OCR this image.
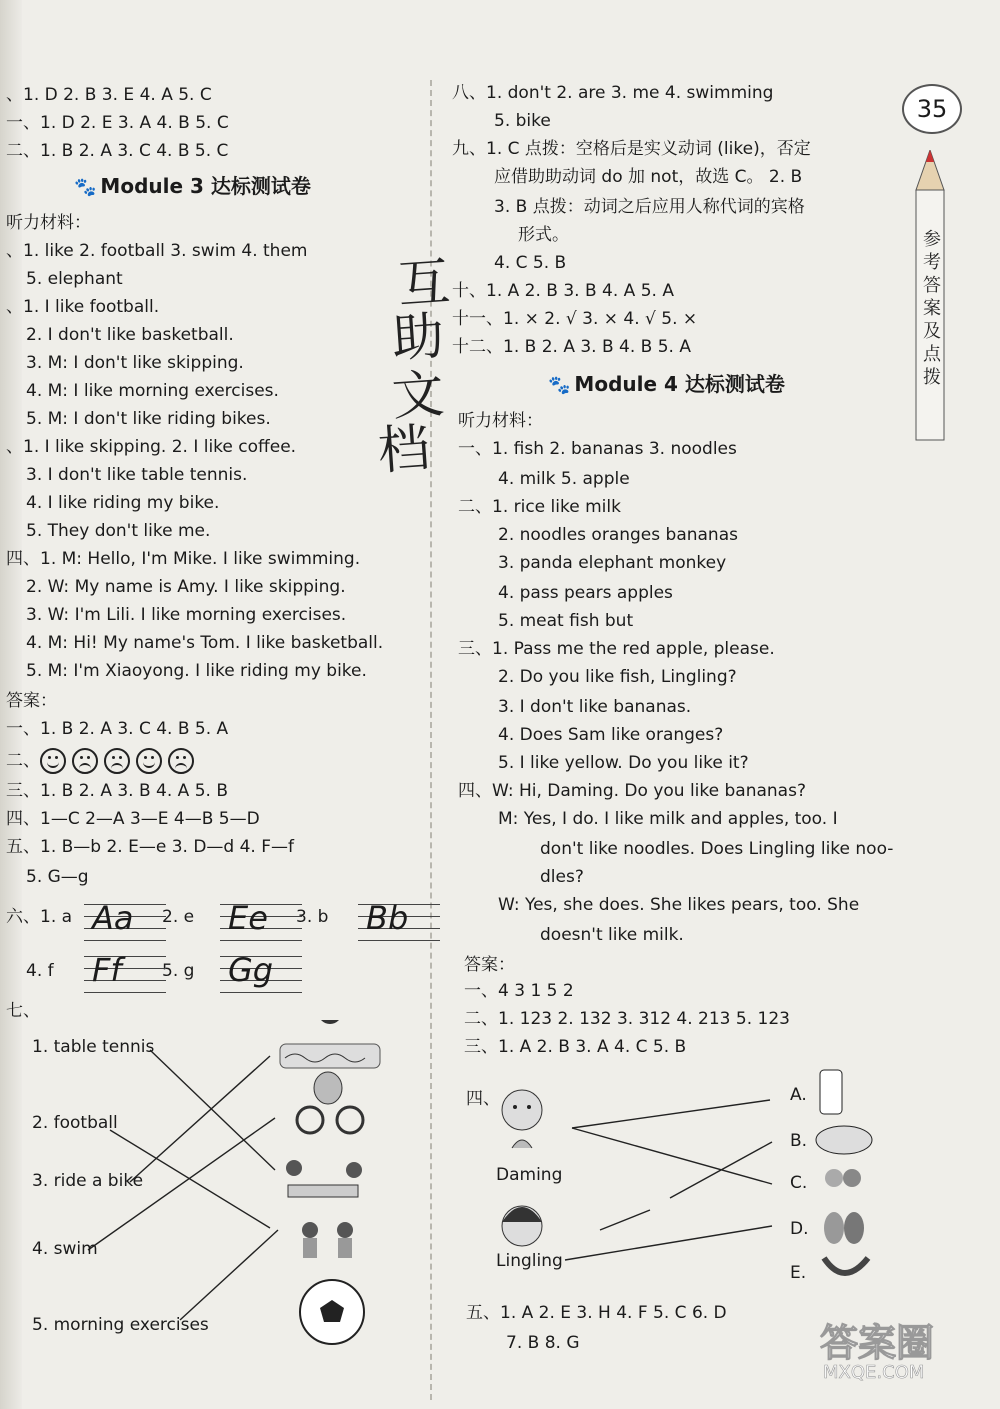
、1. D 2. B 3. E 4. A 5. C
一、1. D 2. E 3. A 4. B 5. C
二、1. B 2. A 3. C 4. B 5. C
听力材料：
、1. like 2. football 3. swim 4. them
5. elephant
、1. I like football.
2. I don't like basketball.
3. M: I don't like skipping.
4. M: I like morning exercises.
5. M: I don't like riding bikes.
、1. I like skipping. 2. I like coffee.
3. I don't like table tennis.
4. I like riding my bike.
5. They don't like me.
四、1. M: Hello, I'm Mike. I like swimming.
2. W: My name is Amy. I like skipping.
3. W: I'm Lili. I like morning exercises.
4. M: Hi! My name's Tom. I like basketball.
5. M: I'm Xiaoyong. I like riding my bike.
答案：
一、1. B 2. A 3. C 4. B 5. A
三、1. B 2. A 3. B 4. A 5. B
四、1—C 2—A 3—E 4—B 5—D
五、1. B—b 2. E—e 3. D—d 4. F—f
5. G—g
六、1. a	2. e	3. b
4. f	5. g
七、
🐾 Module 3 达标测试卷
二、
Aa	Ee	Bb
Ff	Gg
1. table tennis
2. football
3. ride a bike
4. swim
5. morning exercises
互
助
文
档
八、1. don't 2. are 3. me 4. swimming
5. bike
九、1. C 点拨：空格后是实义动词 (like)，否定
应借助助动词 do 加 not，故选 C。 2. B
3. B 点拨：动词之后应用人称代词的宾格
形式。
4. C 5. B
十、1. A 2. B 3. B 4. A 5. A
十一、1. × 2. √ 3. × 4. √ 5. ×
十二、1. B 2. A 3. B 4. B 5. A
听力材料：
一、1. fish 2. bananas 3. noodles
4. milk 5. apple
二、1. rice like milk
2. noodles oranges bananas
3. panda elephant monkey
4. pass pears apples
5. meat fish but
三、1. Pass me the red apple, please.
2. Do you like fish, Lingling?
3. I don't like bananas.
4. Does Sam like oranges?
5. I like yellow. Do you like it?
四、W: Hi, Daming. Do you like bananas?
M: Yes, I do. I like milk and apples, too. I
don't like noodles. Does Lingling like noo-
dles?
W: Yes, she does. She likes pears, too. She
doesn't like milk.
答案：
一、4 3 1 5 2
二、1. 123 2. 132 3. 312 4. 213 5. 123
三、1. A 2. B 3. A 4. C 5. B
四、
五、1. A 2. E 3. H 4. F 5. C 6. D
7. B 8. G
🐾 Module 4 达标测试卷
Daming
Lingling
A.
B.
C.
D.
E.
35
参考答案及点拨
答案圈
MXQE.COM
